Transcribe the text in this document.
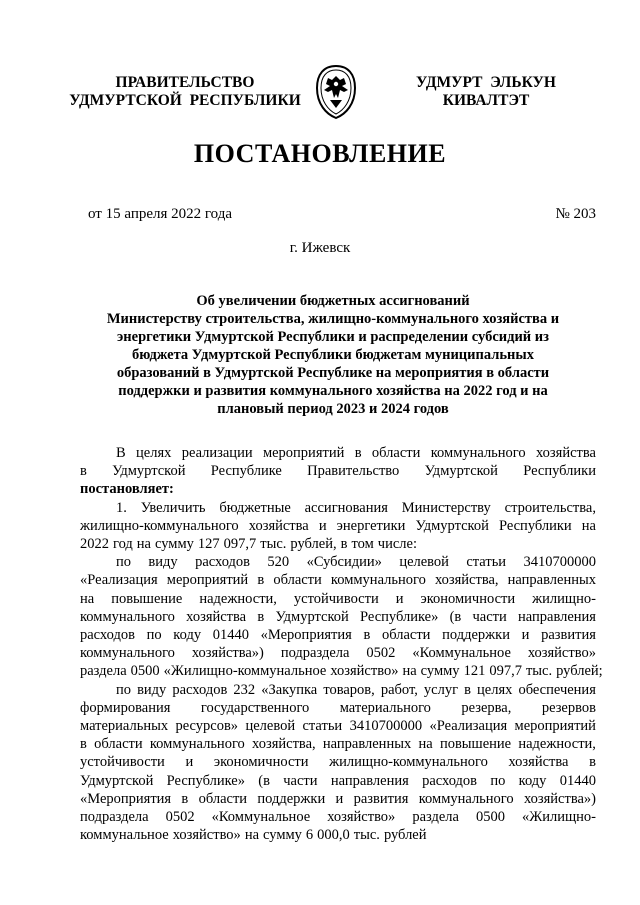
ПРАВИТЕЛЬСТВО
УДМУРТСКОЙ  РЕСПУБЛИКИ
УДМУРТ  ЭЛЬКУН
КИВАЛТЭТ
ПОСТАНОВЛЕНИЕ
от 15 апреля 2022 года	№ 203
г. Ижевск
Об увеличении бюджетных ассигнований
Министерству строительства, жилищно-коммунального хозяйства и
энергетики Удмуртской Республики и распределении субсидий из
бюджета Удмуртской Республики бюджетам муниципальных
образований в Удмуртской Республике на мероприятия в области
поддержки и развития коммунального хозяйства на 2022 год и на
плановый период 2023 и 2024 годов
В целях реализации мероприятий в области коммунального хозяйства
в Удмуртской Республике Правительство Удмуртской Республики
постановляет:
1. Увеличить бюджетные ассигнования Министерству строительства,
жилищно-коммунального хозяйства и энергетики Удмуртской Республики на
2022 год на сумму 127 097,7 тыс. рублей, в том числе:
по виду расходов 520 «Субсидии» целевой статьи 3410700000
«Реализация мероприятий в области коммунального хозяйства, направленных
на повышение надежности, устойчивости и экономичности жилищно-
коммунального хозяйства в Удмуртской Республике» (в части направления
расходов по коду 01440 «Мероприятия в области поддержки и развития
коммунального хозяйства») подраздела 0502 «Коммунальное хозяйство»
раздела 0500 «Жилищно-коммунальное хозяйство» на сумму 121 097,7 тыс. рублей;
по виду расходов 232 «Закупка товаров, работ, услуг в целях обеспечения
формирования государственного материального резерва, резервов
материальных ресурсов» целевой статьи 3410700000 «Реализация мероприятий
в области коммунального хозяйства, направленных на повышение надежности,
устойчивости и экономичности жилищно-коммунального хозяйства в
Удмуртской Республике» (в части направления расходов по коду 01440
«Мероприятия в области поддержки и развития коммунального хозяйства»)
подраздела 0502 «Коммунальное хозяйство» раздела 0500 «Жилищно-
коммунальное хозяйство» на сумму 6 000,0 тыс. рублей
